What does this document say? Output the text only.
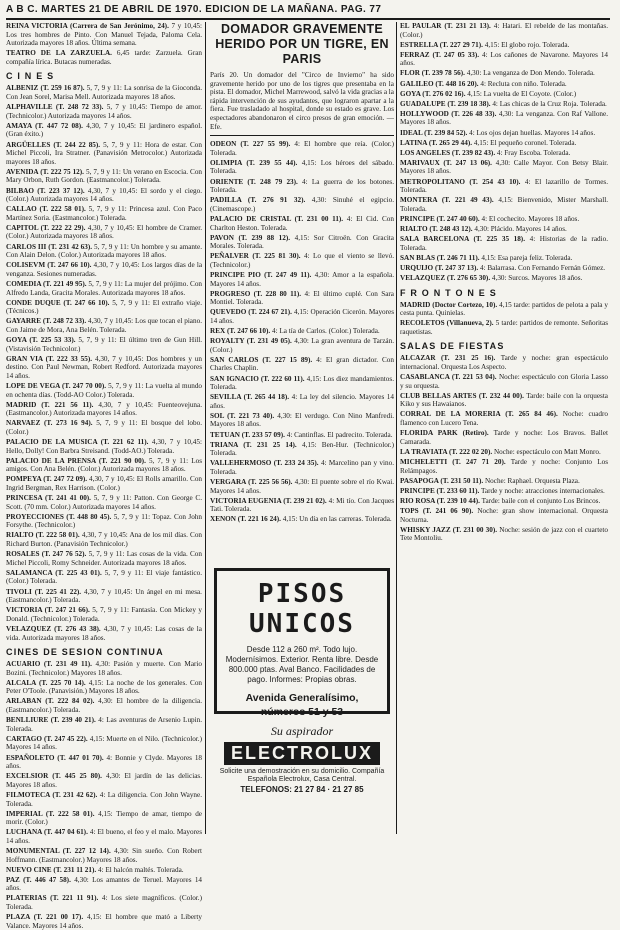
A B C. MARTES 21 DE ABRIL DE 1970. EDICION DE LA MAÑANA. PAG. 77

REINA VICTORIA (Carrera de San Jerónimo, 24). 7 y 10,45: Los tres hombres de Pinto. Con Manuel Tejada, Paloma Cela. Autorizada mayores 18 años. Última semana.

TEATRO DE LA ZARZUELA. 6,45 tarde: Zarzuela. Gran compañía lírica. Butacas numeradas.

C I N E S

ALBENIZ (T. 259 16 87). 5, 7, 9 y 11: La sonrisa de la Gioconda. Con Jean Sorel, Marisa Mell. Autorizada mayores 18 años.

ALPHAVILLE (T. 248 72 33). 5, 7 y 10,45: Tiempo de amor. (Technicolor.) Autorizada mayores 14 años.

AMAYA (T. 447 72 08). 4,30, 7 y 10,45: El jardinero español. (Gran éxito.)

ARGÜELLES (T. 244 22 85). 5, 7, 9 y 11: Hora de estar. Con Michel Piccoli, Ira Stratner. (Panavisión Metrocolor.) Autorizada mayores 18 años.

AVENIDA (T. 222 75 12). 5, 7, 9 y 11: Un verano en Escocia. Con Mary Orbon, Ruth Gordon. (Eastmancolor.) Tolerada.

BILBAO (T. 223 37 12). 4,30, 7 y 10,45: El sordo y el ciego. (Color.) Autorizada mayores 14 años.

CALLAO (T. 222 58 01). 5, 7, 9 y 11: Princesa azul. Con Paco Martínez Soria. (Eastmancolor.) Tolerada.

CAPITOL (T. 222 22 29). 4,30, 7 y 10,45: El hombre de Cramer. (Color.) Autorizada mayores 18 años.

CARLOS III (T. 231 42 63). 5, 7, 9 y 11: Un hombre y su amante. Con Alain Delon. (Color.) Autorizada mayores 18 años.

COLISEVM (T. 247 66 10). 4,30, 7 y 10,45: Los largos días de la venganza. Sesiones numeradas.

COMEDIA (T. 221 49 95). 5, 7, 9 y 11: La mujer del prójimo. Con Alfredo Landa, Gracita Morales. Autorizada mayores 18 años.

CONDE DUQUE (T. 247 66 10). 5, 7, 9 y 11: El extraño viaje. (Técnicos.)

GAYARRE (T. 248 72 33). 4,30, 7 y 10,45: Los que tocan el piano. Con Jaime de Mora, Ana Belén. Tolerada.

GOYA (T. 225 53 33). 5, 7, 9 y 11: El último tren de Gun Hill. (Vistavisión Technicolor.)

GRAN VIA (T. 222 33 55). 4,30, 7 y 10,45: Dos hombres y un destino. Con Paul Newman, Robert Redford. Autorizada mayores 14 años.

LOPE DE VEGA (T. 247 70 00). 5, 7, 9 y 11: La vuelta al mundo en ochenta días. (Todd-AO Color.) Tolerada.

MADRID (T. 221 56 11). 4,30, 7 y 10,45: Fuenteovejuna. (Eastmancolor.) Autorizada mayores 14 años.

NARVAEZ (T. 273 16 94). 5, 7, 9 y 11: El bosque del lobo. (Color.)

PALACIO DE LA MUSICA (T. 221 62 11). 4,30, 7 y 10,45: Hello, Dolly! Con Barbra Streisand. (Todd-AO.) Tolerada.

PALACIO DE LA PRENSA (T. 221 90 00). 5, 7, 9 y 11: Los amigos. Con Ana Belén. (Color.) Autorizada mayores 18 años.

POMPEYA (T. 247 72 09). 4,30, 7 y 10,45: El Rolls amarillo. Con Ingrid Bergman, Rex Harrison. (Color.)

PRINCESA (T. 241 41 00). 5, 7, 9 y 11: Patton. Con George C. Scott. (70 mm. Color.) Autorizada mayores 14 años.

PROYECCIONES (T. 448 80 45). 5, 7, 9 y 11: Topaz. Con John Forsythe. (Technicolor.)

RIALTO (T. 222 58 01). 4,30, 7 y 10,45: Ana de los mil días. Con Richard Burton. (Panavisión Technicolor.)

ROSALES (T. 247 76 52). 5, 7, 9 y 11: Las cosas de la vida. Con Michel Piccoli, Romy Schneider. Autorizada mayores 18 años.

SALAMANCA (T. 225 43 01). 5, 7, 9 y 11: El viaje fantástico. (Color.) Tolerada.

TIVOLI (T. 225 41 22). 4,30, 7 y 10,45: Un ángel en mi mesa. (Eastmancolor.) Tolerada.

VICTORIA (T. 247 21 66). 5, 7, 9 y 11: Fantasía. Con Mickey y Donald. (Technicolor.) Tolerada.

VELAZQUEZ (T. 276 43 38). 4,30, 7 y 10,45: Las cosas de la vida. Autorizada mayores 18 años.

CINES DE SESION CONTINUA

ACUARIO (T. 231 49 11). 4,30: Pasión y muerte. Con Mario Bozini. (Technicolor.) Mayores 18 años.

ALCALA (T. 225 70 14). 4,15: La noche de los generales. Con Peter O'Toole. (Panavisión.) Mayores 18 años.

ARLABAN (T. 222 84 02). 4,30: El hombre de la diligencia. (Eastmancolor.) Tolerada.

BENLLIURE (T. 239 40 21). 4: Las aventuras de Arsenio Lupin. Tolerada.

CARTAGO (T. 247 45 22). 4,15: Muerte en el Nilo. (Technicolor.) Mayores 14 años.

ESPAÑOLETO (T. 447 01 70). 4: Bonnie y Clyde. Mayores 18 años.

EXCELSIOR (T. 445 25 80). 4,30: El jardín de las delicias. Mayores 18 años.

FILMOTECA (T. 231 42 62). 4: La diligencia. Con John Wayne. Tolerada.

IMPERIAL (T. 222 58 01). 4,15: Tiempo de amar, tiempo de morir. (Color.)

LUCHANA (T. 447 04 61). 4: El bueno, el feo y el malo. Mayores 14 años.

MONUMENTAL (T. 227 12 14). 4,30: Sin sueño. Con Robert Hoffmann. (Eastmancolor.) Mayores 18 años.

NUEVO CINE (T. 231 11 21). 4: El halcón maltés. Tolerada.

PAZ (T. 446 47 58). 4,30: Los amantes de Teruel. Mayores 14 años.

PLATERIAS (T. 221 11 91). 4: Los siete magníficos. (Color.) Tolerada.

PLAZA (T. 221 00 17). 4,15: El hombre que mató a Liberty Valance. Mayores 14 años.

DOMADOR GRAVEMENTE HERIDO POR UN TIGRE, EN PARIS
París 20. Un domador del "Circo de Invierno" ha sido gravemente herido por uno de los tigres que presentaba en la pista. El domador, Michel Marrewood, salvó la vida gracias a la rápida intervención de sus ayudantes, que lograron apartar a la fiera. Fue trasladado al hospital, donde su estado es grave. Los espectadores abandonaron el circo presos de gran emoción. — Efe.

ODEON (T. 227 55 99). 4: El hombre que reía. (Color.) Tolerada.

OLIMPIA (T. 239 55 44). 4,15: Los héroes del sábado. Tolerada.

ORIENTE (T. 248 79 23). 4: La guerra de los botones. Tolerada.

PADILLA (T. 276 91 32). 4,30: Sinuhé el egipcio. (Cinemascope.)

PALACIO DE CRISTAL (T. 231 00 11). 4: El Cid. Con Charlton Heston. Tolerada.

PAVON (T. 239 88 12). 4,15: Sor Citroën. Con Gracita Morales. Tolerada.

PEÑALVER (T. 225 81 30). 4: Lo que el viento se llevó. (Technicolor.)

PRINCIPE PIO (T. 247 49 11). 4,30: Amor a la española. Mayores 14 años.

PROGRESO (T. 228 80 11). 4: El último cuplé. Con Sara Montiel. Tolerada.

QUEVEDO (T. 224 67 21). 4,15: Operación Cicerón. Mayores 14 años.

REX (T. 247 66 10). 4: La tía de Carlos. (Color.) Tolerada.

ROYALTY (T. 231 49 05). 4,30: La gran aventura de Tarzán. (Color.)

SAN CARLOS (T. 227 15 89). 4: El gran dictador. Con Charles Chaplin.

SAN IGNACIO (T. 222 60 11). 4,15: Los diez mandamientos. Tolerada.

SEVILLA (T. 265 44 18). 4: La ley del silencio. Mayores 14 años.

SOL (T. 221 73 40). 4,30: El verdugo. Con Nino Manfredi. Mayores 18 años.

TETUAN (T. 233 57 09). 4: Cantinflas. El padrecito. Tolerada.

TRIANA (T. 231 25 14). 4,15: Ben-Hur. (Technicolor.) Tolerada.

VALLEHERMOSO (T. 233 24 35). 4: Marcelino pan y vino. Tolerada.

VERGARA (T. 225 56 56). 4,30: El puente sobre el río Kwai. Mayores 14 años.

VICTORIA EUGENIA (T. 239 21 02). 4: Mi tío. Con Jacques Tati. Tolerada.

XENON (T. 221 16 24). 4,15: Un día en las carreras. Tolerada.

PISOS UNICOS
Desde 112 a 260 m². Todo lujo. Modernísimos. Exterior. Renta libre. Desde 800.000 ptas. Aval Banco. Facilidades de pago. Informes: Propias obras.
Avenida Generalísimo,
números 51 y 53
Su aspirador
ELECTROLUX
Solicite una demostración en su domicilio. Compañía Española Electrolux, Casa Central.
TELEFONOS: 21 27 84 · 21 27 85

EL PAULAR (T. 231 21 13). 4: Hatari. El rebelde de las montañas. (Color.)

ESTRELLA (T. 227 29 71). 4,15: El globo rojo. Tolerada.

FERRAZ (T. 247 05 33). 4: Los cañones de Navarone. Mayores 14 años.

FLOR (T. 239 78 56). 4,30: La venganza de Don Mendo. Tolerada.

GALILEO (T. 448 16 20). 4: Recluta con niño. Tolerada.

GOYA (T. 276 02 16). 4,15: La vuelta de El Coyote. (Color.)

GUADALUPE (T. 239 18 38). 4: Las chicas de la Cruz Roja. Tolerada.

HOLLYWOOD (T. 226 48 33). 4,30: La venganza. Con Raf Vallone. Mayores 18 años.

IDEAL (T. 239 84 52). 4: Los ojos dejan huellas. Mayores 14 años.

LATINA (T. 265 29 44). 4,15: El pequeño coronel. Tolerada.

LOS ANGELES (T. 239 82 43). 4: Fray Escoba. Tolerada.

MARIVAUX (T. 247 13 06). 4,30: Calle Mayor. Con Betsy Blair. Mayores 18 años.

METROPOLITANO (T. 254 43 10). 4: El lazarillo de Tormes. Tolerada.

MONTERA (T. 221 49 43). 4,15: Bienvenido, Mister Marshall. Tolerada.

PRINCIPE (T. 247 40 60). 4: El cochecito. Mayores 18 años.

RIALTO (T. 248 43 12). 4,30: Plácido. Mayores 14 años.

SALA BARCELONA (T. 225 35 18). 4: Historias de la radio. Tolerada.

SAN BLAS (T. 246 71 11). 4,15: Esa pareja feliz. Tolerada.

URQUIJO (T. 247 37 13). 4: Balarrasa. Con Fernando Fernán Gómez.

VELAZQUEZ (T. 276 65 30). 4,30: Surcos. Mayores 18 años.

F R O N T O N E S

MADRID (Doctor Cortezo, 10). 4,15 tarde: partidos de pelota a pala y cesta punta. Quinielas.

RECOLETOS (Villanueva, 2). 5 tarde: partidos de remonte. Señoritas raquetistas.

SALAS DE FIESTAS

ALCAZAR (T. 231 25 16). Tarde y noche: gran espectáculo internacional. Orquesta Los Aspecto.

CASABLANCA (T. 221 53 04). Noche: espectáculo con Gloria Lasso y su orquesta.

CLUB BELLAS ARTES (T. 232 44 00). Tarde: baile con la orquesta Kiko y sus Hawaianos.

CORRAL DE LA MORERIA (T. 265 84 46). Noche: cuadro flamenco con Lucero Tena.

FLORIDA PARK (Retiro). Tarde y noche: Los Bravos. Ballet Camarada.

LA TRAVIATA (T. 222 02 20). Noche: espectáculo con Matt Monro.

MICHELETTI (T. 247 71 20). Tarde y noche: Conjunto Los Relámpagos.

PASAPOGA (T. 231 50 11). Noche: Raphael. Orquesta Plaza.

PRINCIPE (T. 233 60 11). Tarde y noche: atracciones internacionales.

RIO ROSA (T. 239 10 44). Tarde: baile con el conjunto Los Brincos.

TOPS (T. 241 06 90). Noche: gran show internacional. Orquesta Nocturna.

WHISKY JAZZ (T. 231 00 30). Noche: sesión de jazz con el cuarteto Tete Montoliu.
